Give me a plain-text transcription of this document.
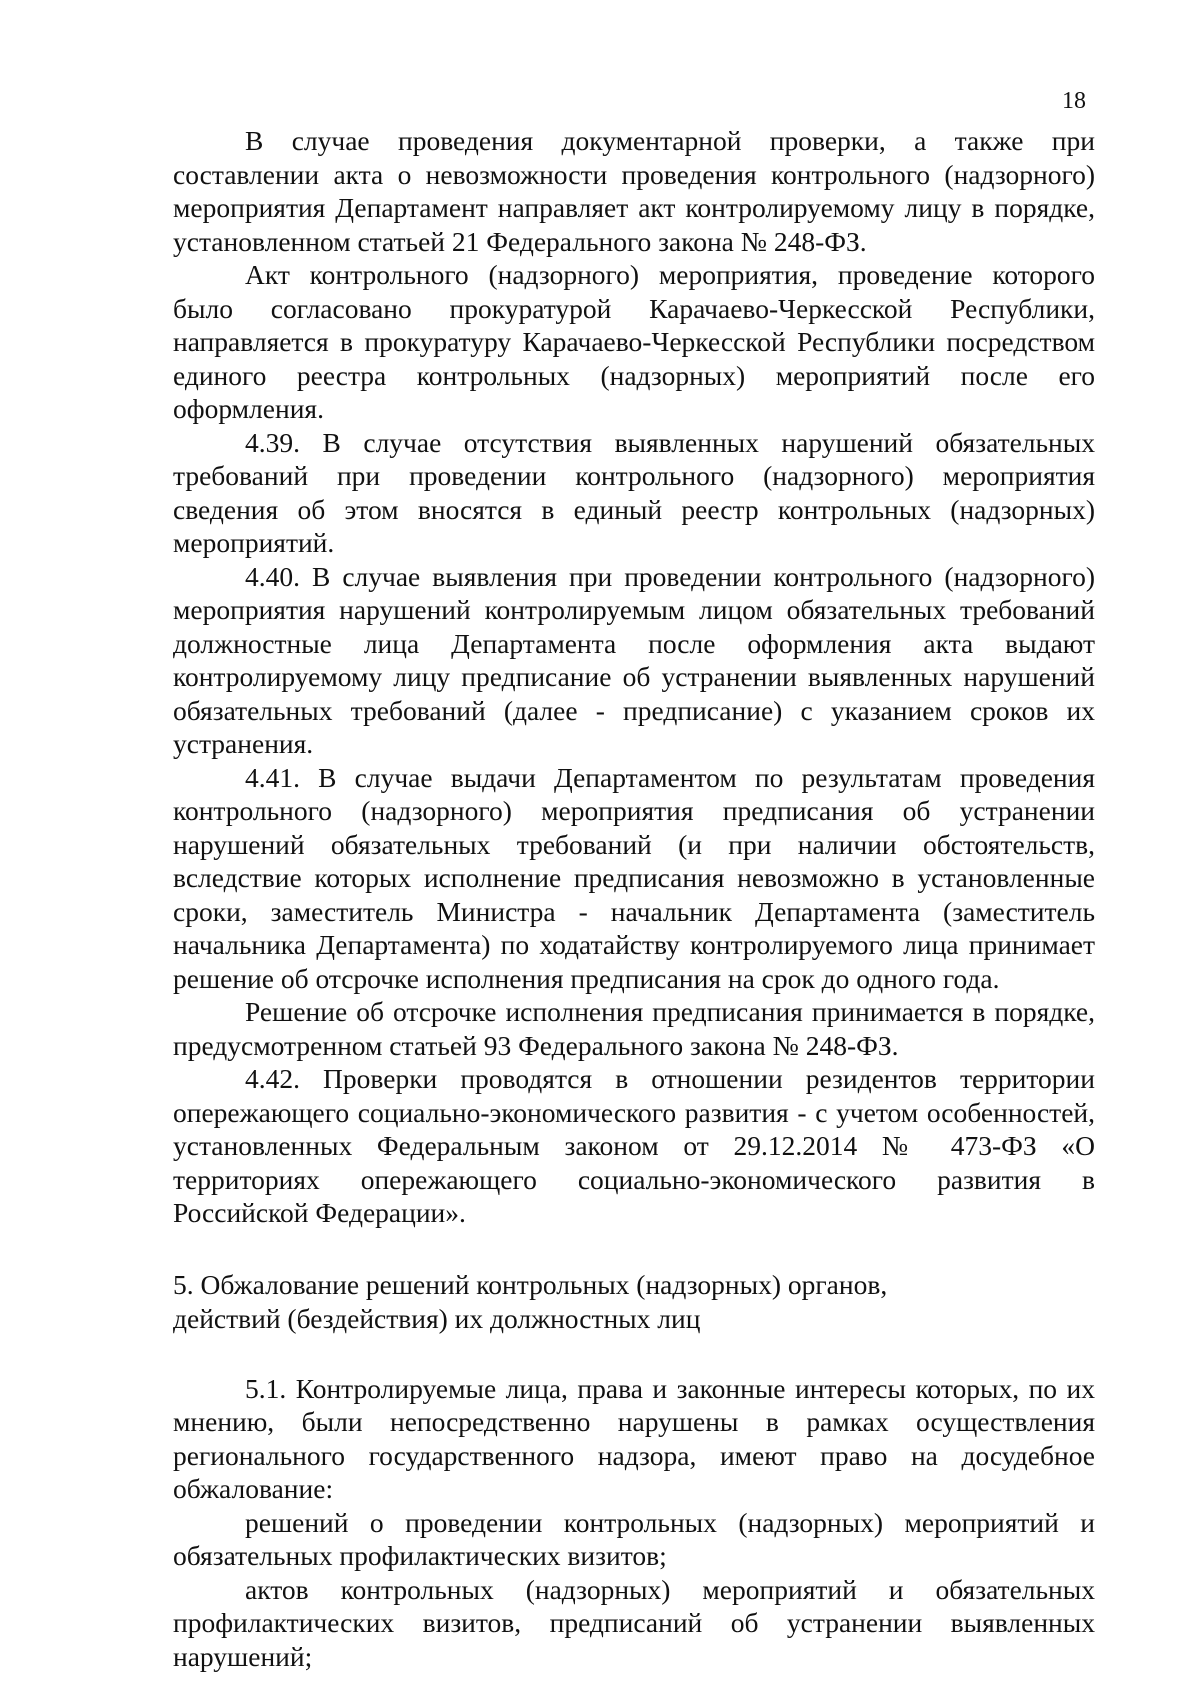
18

В случае проведения документарной проверки, а также при составлении акта о невозможности проведения контрольного (надзорного) мероприятия Департамент направляет акт контролируемому лицу в порядке, установленном статьей 21 Федерального закона № 248-ФЗ.

Акт контрольного (надзорного) мероприятия, проведение которого было согласовано прокуратурой Карачаево-Черкесской Республики, направляется в прокуратуру Карачаево-Черкесской Республики посредством единого реестра контрольных (надзорных) мероприятий после его оформления.

4.39. В случае отсутствия выявленных нарушений обязательных требований при проведении контрольного (надзорного) мероприятия сведения об этом вносятся в единый реестр контрольных (надзорных) мероприятий.

4.40. В случае выявления при проведении контрольного (надзорного) мероприятия нарушений контролируемым лицом обязательных требований должностные лица Департамента после оформления акта выдают контролируемому лицу предписание об устранении выявленных нарушений обязательных требований (далее - предписание) с указанием сроков их устранения.

4.41. В случае выдачи Департаментом по результатам проведения контрольного (надзорного) мероприятия предписания об устранении нарушений обязательных требований (и при наличии обстоятельств, вследствие которых исполнение предписания невозможно в установленные сроки, заместитель Министра - начальник Департамента (заместитель начальника Департамента) по ходатайству контролируемого лица принимает решение об отсрочке исполнения предписания на срок до одного года.

Решение об отсрочке исполнения предписания принимается в порядке, предусмотренном статьей 93 Федерального закона № 248-ФЗ.

4.42. Проверки проводятся в отношении резидентов территории опережающего социально-экономического развития - с учетом особенностей, установленных Федеральным законом от 29.12.2014 № 473-ФЗ «О территориях опережающего социально-экономического развития в Российской Федерации».

5. Обжалование решений контрольных (надзорных) органов,
действий (бездействия) их должностных лиц

5.1. Контролируемые лица, права и законные интересы которых, по их мнению, были непосредственно нарушены в рамках осуществления регионального государственного надзора, имеют право на досудебное обжалование:

решений о проведении контрольных (надзорных) мероприятий и обязательных профилактических визитов;

актов контрольных (надзорных) мероприятий и обязательных профилактических визитов, предписаний об устранении выявленных нарушений;
